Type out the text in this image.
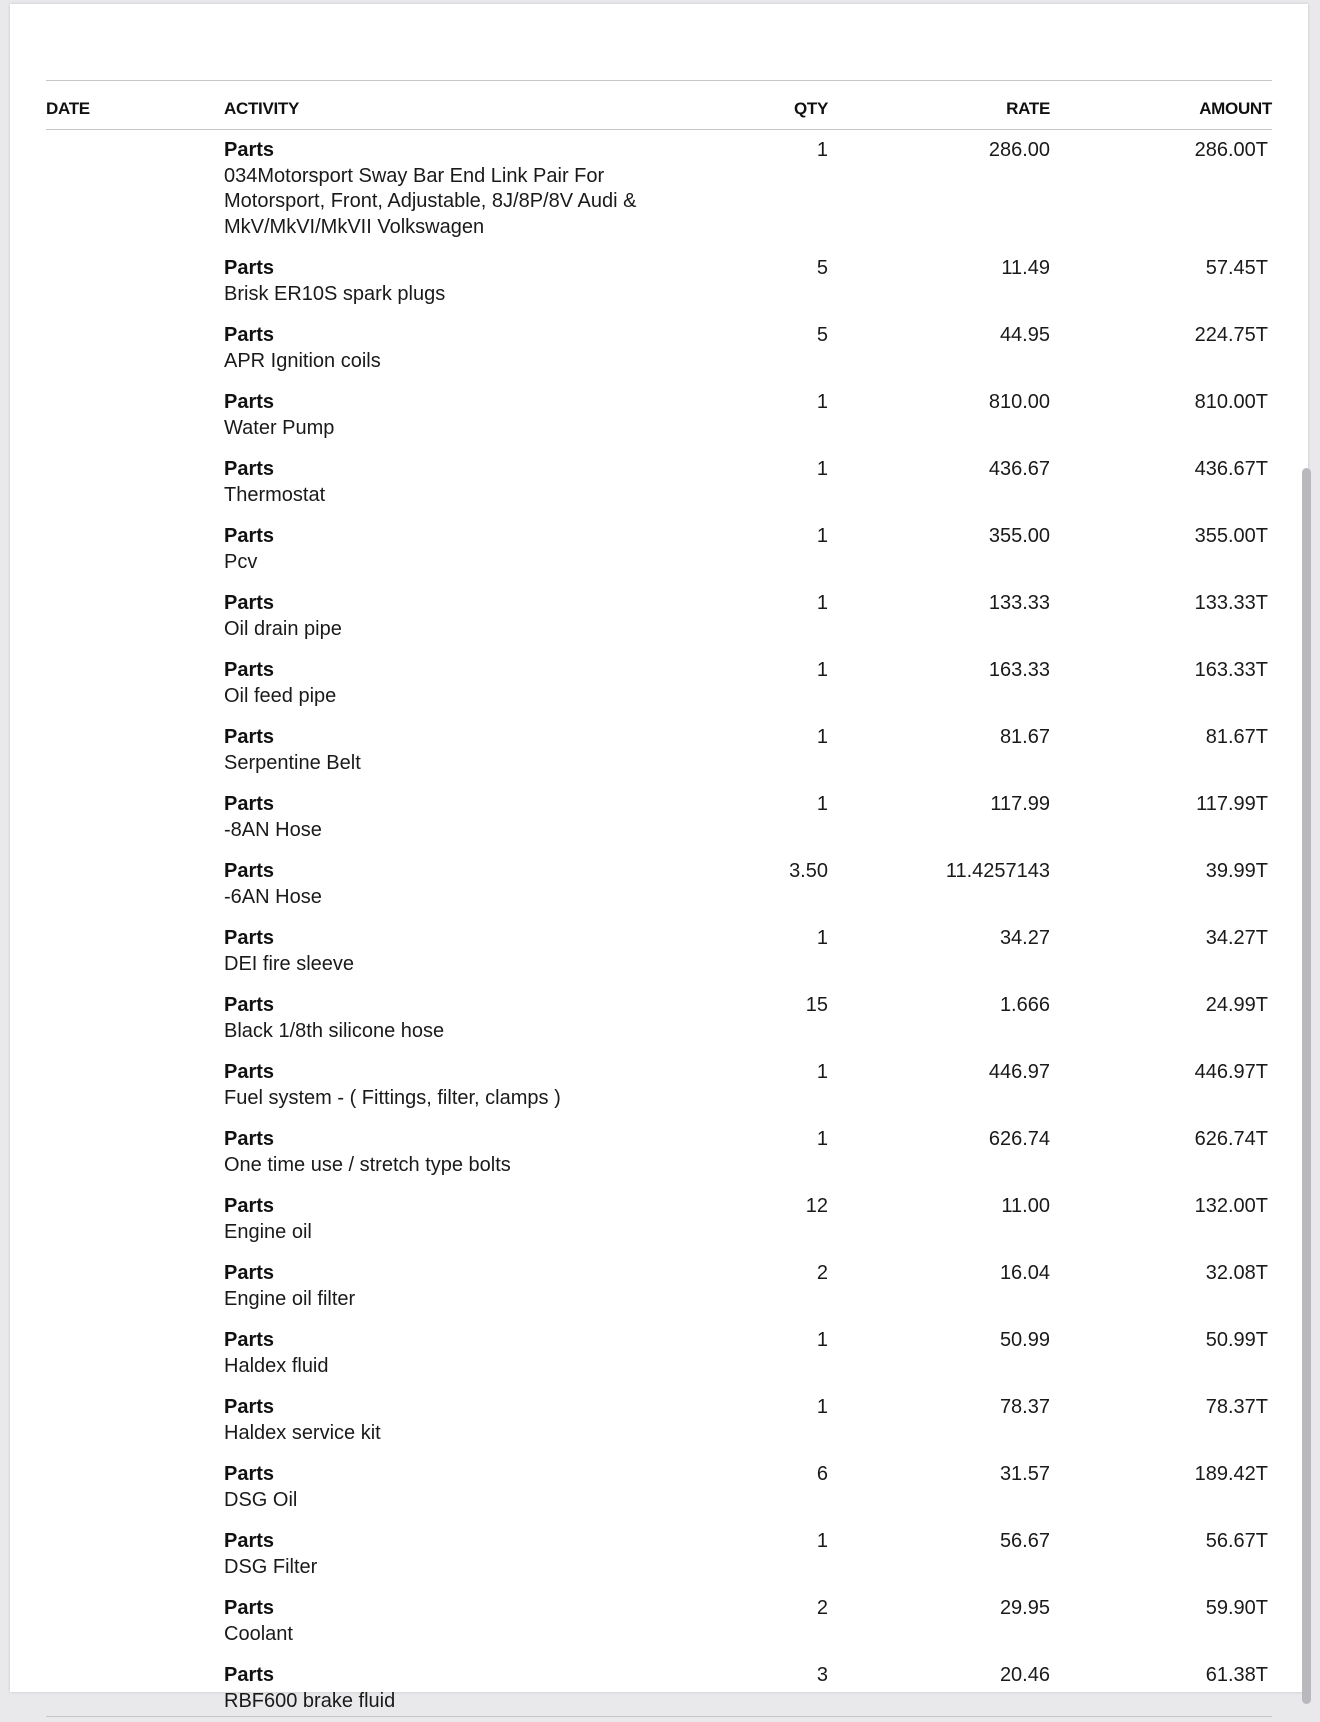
DATE	ACTIVITY	QTY	RATE	AMOUNT
Parts
034Motorsport Sway Bar End Link Pair For Motorsport, Front, Adjustable, 8J/8P/8V Audi & MkV/MkVI/MkVII Volkswagen
1	286.00	286.00T
Parts
Brisk ER10S spark plugs
5	11.49	57.45T
Parts
APR Ignition coils
5	44.95	224.75T
Parts
Water Pump
1	810.00	810.00T
Parts
Thermostat
1	436.67	436.67T
Parts
Pcv
1	355.00	355.00T
Parts
Oil drain pipe
1	133.33	133.33T
Parts
Oil feed pipe
1	163.33	163.33T
Parts
Serpentine Belt
1	81.67	81.67T
Parts
-8AN Hose
1	117.99	117.99T
Parts
-6AN Hose
3.50	11.4257143	39.99T
Parts
DEI fire sleeve
1	34.27	34.27T
Parts
Black 1/8th silicone hose
15	1.666	24.99T
Parts
Fuel system - ( Fittings, filter, clamps )
1	446.97	446.97T
Parts
One time use / stretch type bolts
1	626.74	626.74T
Parts
Engine oil
12	11.00	132.00T
Parts
Engine oil filter
2	16.04	32.08T
Parts
Haldex fluid
1	50.99	50.99T
Parts
Haldex service kit
1	78.37	78.37T
Parts
DSG Oil
6	31.57	189.42T
Parts
DSG Filter
1	56.67	56.67T
Parts
Coolant
2	29.95	59.90T
Parts
RBF600 brake fluid
3	20.46	61.38T
